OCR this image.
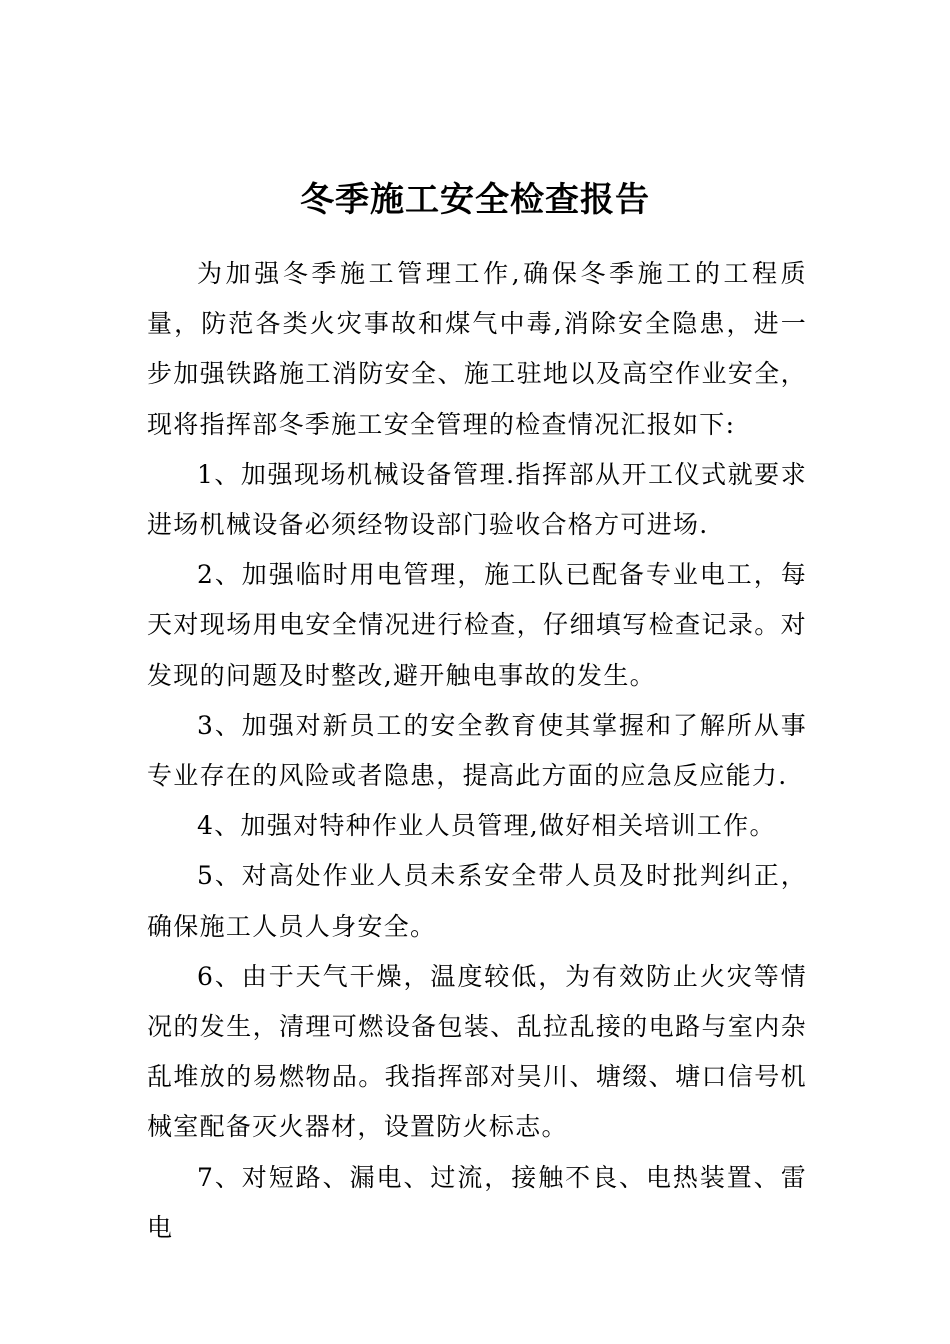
冬季施工安全检查报告

为加强冬季施工管理工作,确保冬季施工的工程质量，防范各类火灾事故和煤气中毒,消除安全隐患，进一步加强铁路施工消防安全、施工驻地以及高空作业安全，现将指挥部冬季施工安全管理的检查情况汇报如下:

1、加强现场机械设备管理.指挥部从开工仪式就要求进场机械设备必须经物设部门验收合格方可进场.

2、加强临时用电管理，施工队已配备专业电工，每天对现场用电安全情况进行检查，仔细填写检查记录。对发现的问题及时整改,避开触电事故的发生。

3、加强对新员工的安全教育使其掌握和了解所从事专业存在的风险或者隐患，提高此方面的应急反应能力.

4、加强对特种作业人员管理,做好相关培训工作。

5、对高处作业人员未系安全带人员及时批判纠正，确保施工人员人身安全。

6、由于天气干燥，温度较低，为有效防止火灾等情况的发生，清理可燃设备包装、乱拉乱接的电路与室内杂乱堆放的易燃物品。我指挥部对吴川、塘缀、塘口信号机械室配备灭火器材，设置防火标志。

7、对短路、漏电、过流，接触不良、电热装置、雷电
